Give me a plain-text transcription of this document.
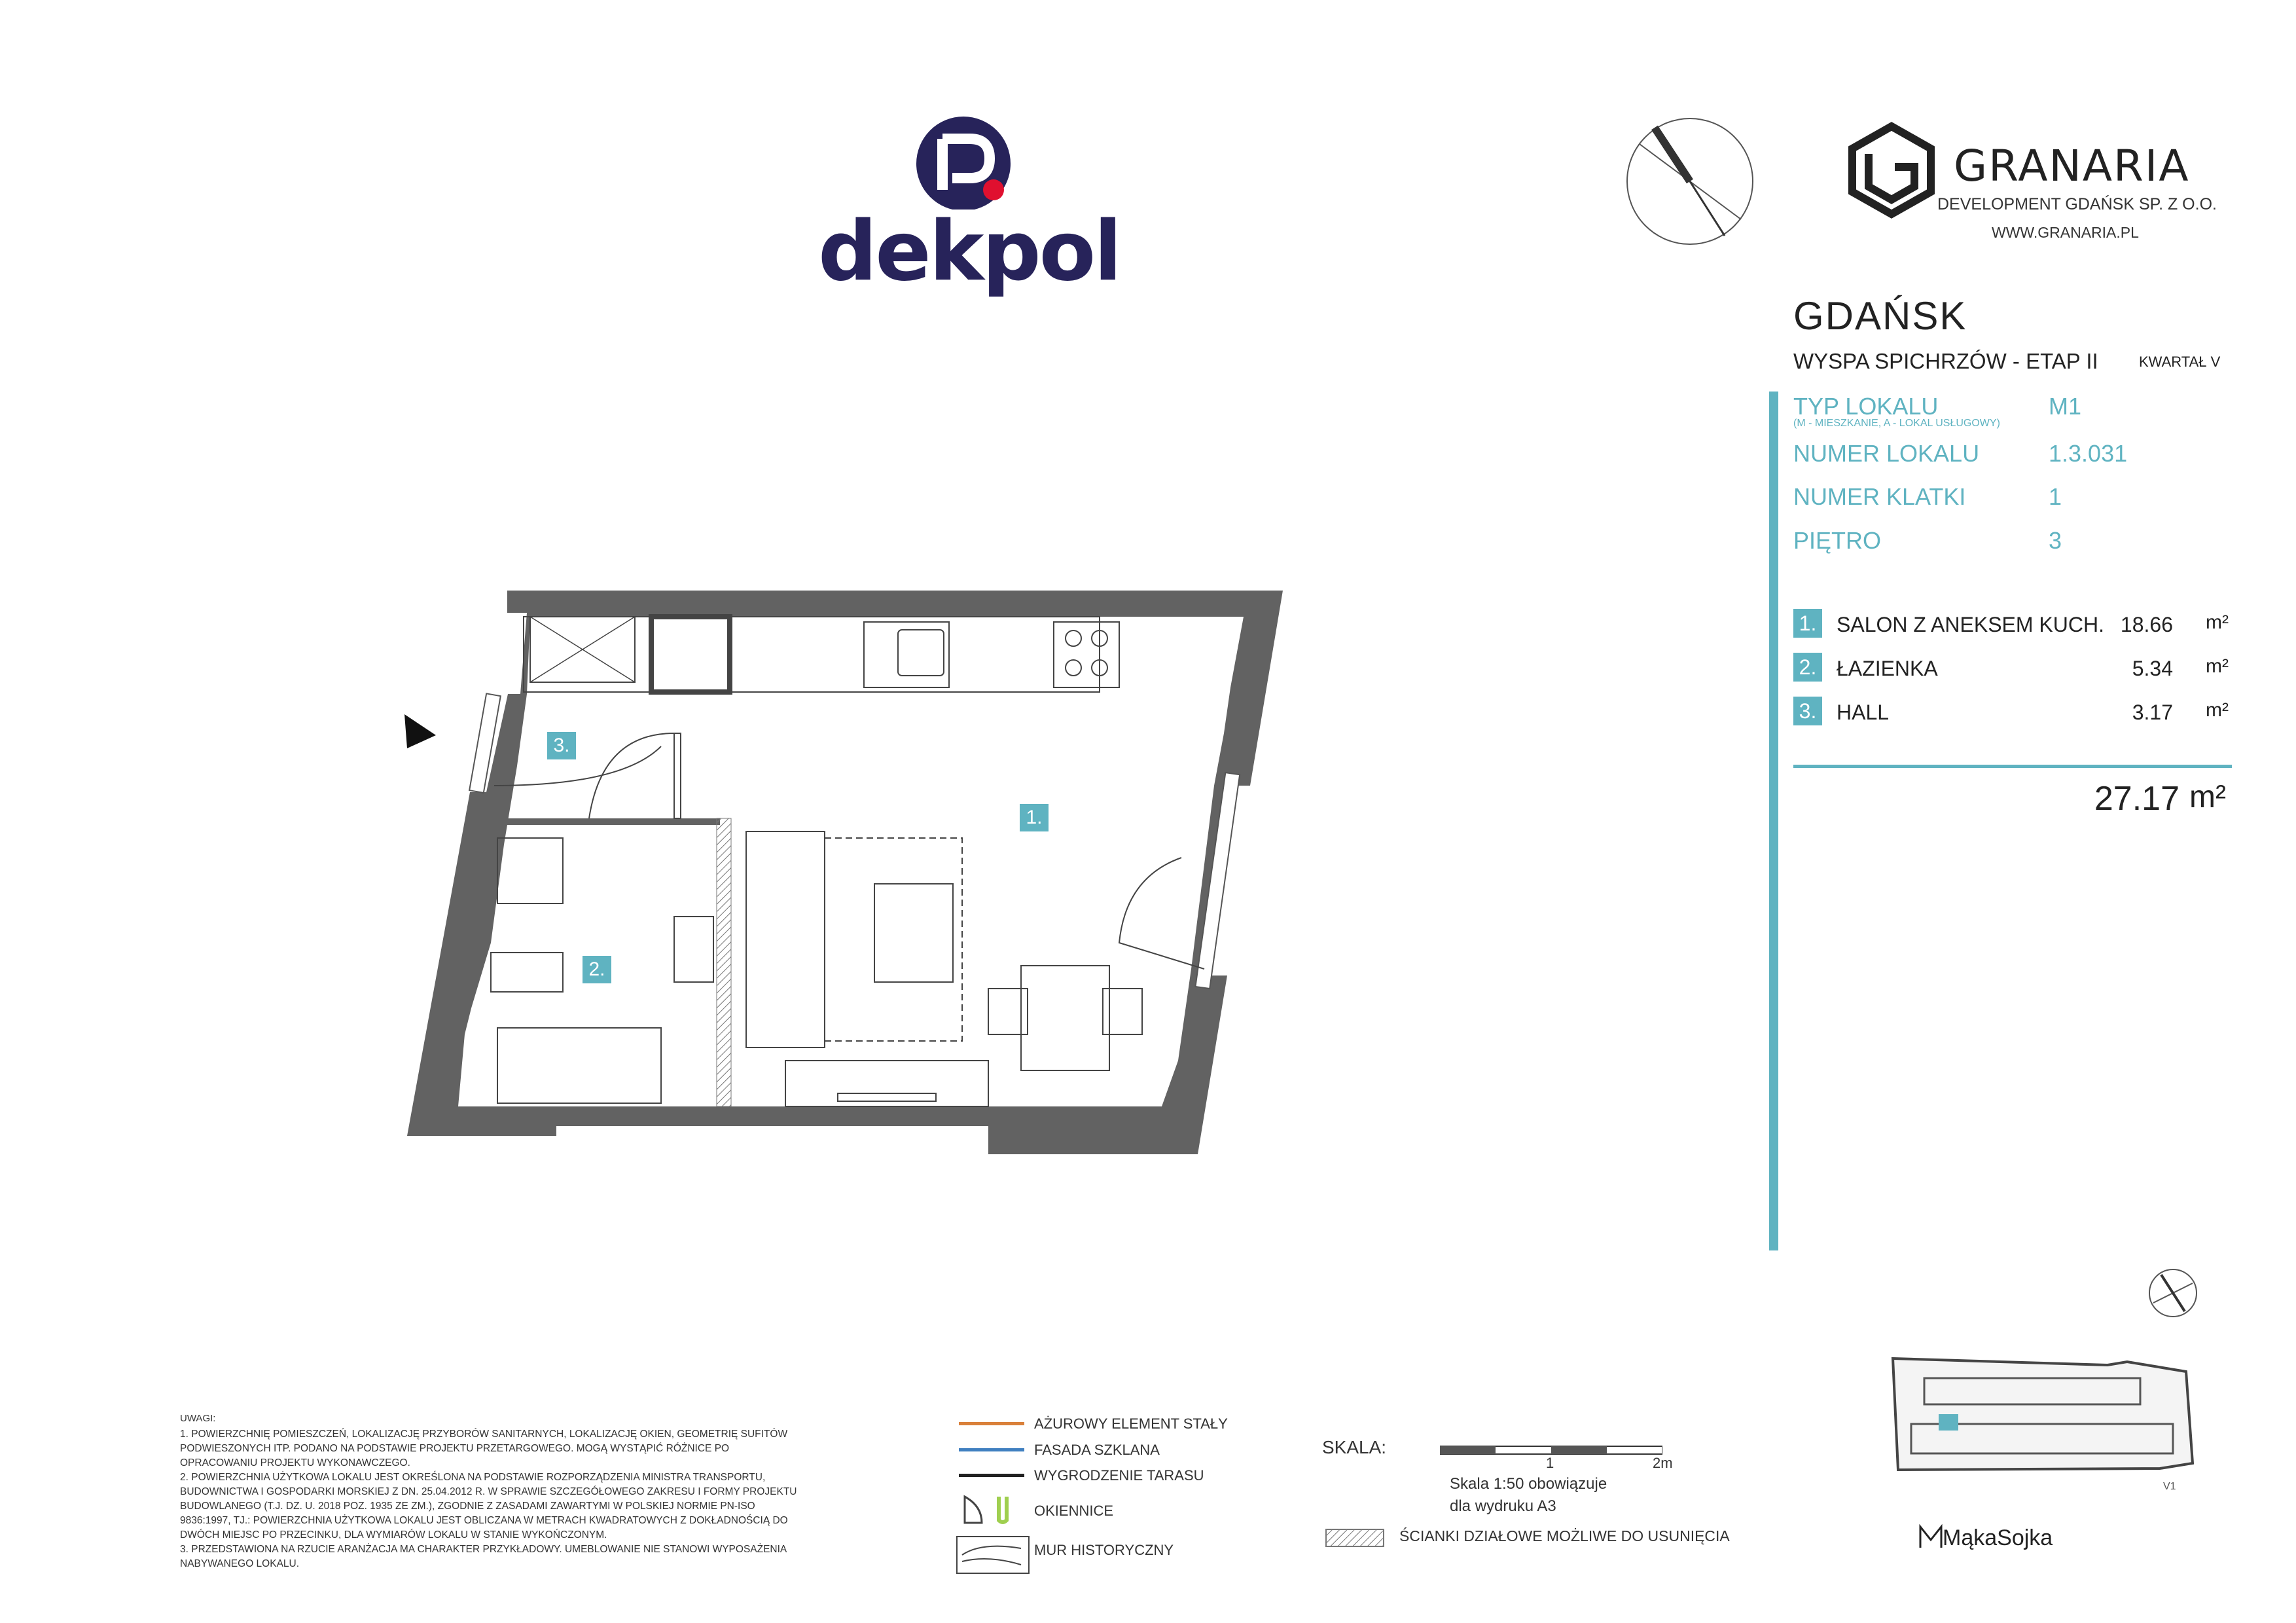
dekpol
GRANARIA
DEVELOPMENT GDAŃSK SP. Z O.O.
WWW.GRANARIA.PL
GDAŃSK
WYSPA SPICHRZÓW - ETAP II	KWARTAŁ V
TYP LOKALU
(M - MIESZKANIE, A - LOKAL USŁUGOWY)
M1
NUMER LOKALU	1.3.031
NUMER KLATKI	1
PIĘTRO	3
1. SALON Z ANEKSEM KUCH. 18.66 m²
2. ŁAZIENKA	5.34 m²
3. HALL	3.17 m²
27.17 m²
1.
2.
3.
UWAGI:
1. POWIERZCHNIĘ POMIESZCZEŃ, LOKALIZACJĘ PRZYBORÓW SANITARNYCH, LOKALIZACJĘ OKIEN, GEOMETRIĘ SUFITÓW
PODWIESZONYCH ITP. PODANO NA PODSTAWIE PROJEKTU PRZETARGOWEGO. MOGĄ WYSTĄPIĆ RÓŻNICE PO
OPRACOWANIU PROJEKTU WYKONAWCZEGO.
2. POWIERZCHNIA UŻYTKOWA LOKALU JEST OKREŚLONA NA PODSTAWIE ROZPORZĄDZENIA MINISTRA TRANSPORTU,
BUDOWNICTWA I GOSPODARKI MORSKIEJ Z DN. 25.04.2012 R. W SPRAWIE SZCZEGÓŁOWEGO ZAKRESU I FORMY PROJEKTU
BUDOWLANEGO (T.J. DZ. U. 2018 POZ. 1935 ZE ZM.), ZGODNIE Z ZASADAMI ZAWARTYMI W POLSKIEJ NORMIE PN-ISO
9836:1997, TJ.: POWIERZCHNIA UŻYTKOWA LOKALU JEST OBLICZANA W METRACH KWADRATOWYCH Z DOKŁADNOŚCIĄ DO
DWÓCH MIEJSC PO PRZECINKU, DLA WYMIARÓW LOKALU W STANIE WYKOŃCZONYM.
3. PRZEDSTAWIONA NA RZUCIE ARANŻACJA MA CHARAKTER PRZYKŁADOWY. UMEBLOWANIE NIE STANOWI WYPOSAŻENIA
NABYWANEGO LOKALU.
AŻUROWY ELEMENT STAŁY
FASADA SZKLANA
WYGRODZENIE TARASU
OKIENNICE
MUR HISTORYCZNY
SKALA:
1	2m
Skala 1:50 obowiązuje
dla wydruku A3
ŚCIANKI DZIAŁOWE MOŻLIWE DO USUNIĘCIA	MąkaSojka
V1
